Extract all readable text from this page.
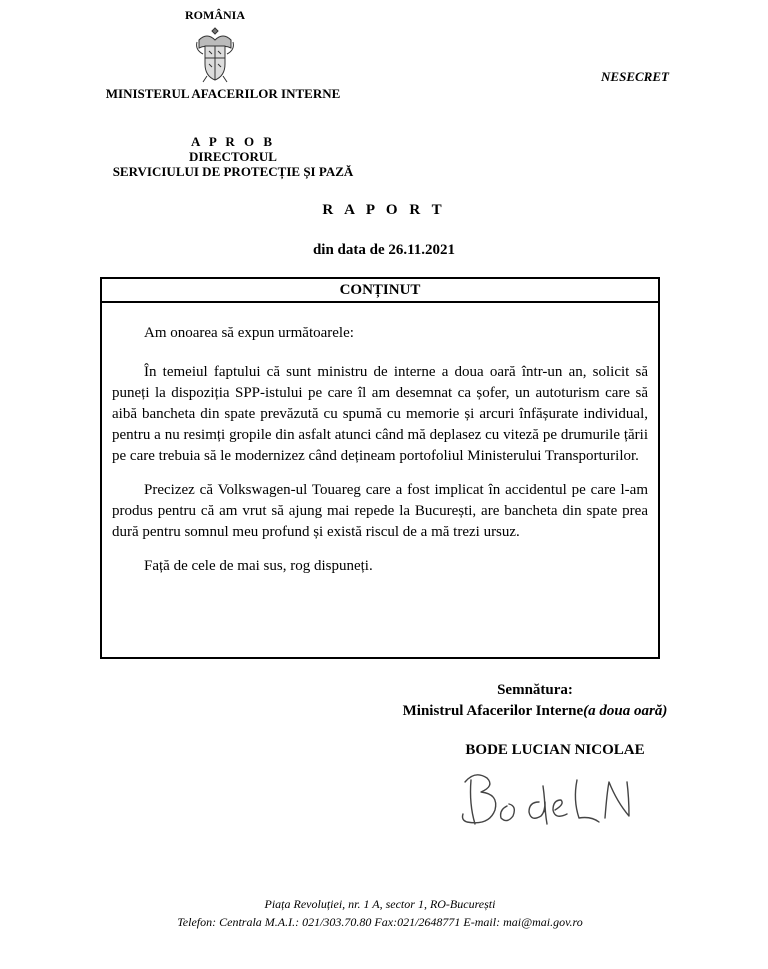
ROMÂNIA
MINISTERUL AFACERILOR INTERNE
NESECRET
A P R O B
DIRECTORUL
SERVICIULUI DE PROTECȚIE ȘI PAZĂ
R A P O R T
din data de 26.11.2021
CONȚINUT

Am onoarea să expun următoarele:

În temeiul faptului că sunt ministru de interne a doua oară într-un an, solicit să puneți la dispoziția SPP-istului pe care îl am desemnat ca șofer, un autoturism care să aibă bancheta din spate prevăzută cu spumă cu memorie și arcuri înfășurate individual, pentru a nu resimți gropile din asfalt atunci când mă deplasez cu viteză pe drumurile țării pe care trebuia să le modernizez când dețineam portofoliul Ministerului Transporturilor.

Precizez că Volkswagen-ul Touareg care a fost implicat în accidentul pe care l-am produs pentru că am vrut să ajung mai repede la București, are bancheta din spate prea dură pentru somnul meu profund și există riscul de a mă trezi ursuz.

Față de cele de mai sus, rog dispuneți.

Semnătura:
Ministrul Afacerilor Interne(a doua oară)
BODE LUCIAN NICOLAE
Piața Revoluției, nr. 1 A, sector 1, RO-București
Telefon: Centrala M.A.I.: 021/303.70.80 Fax:021/2648771 E-mail: mai@mai.gov.ro
